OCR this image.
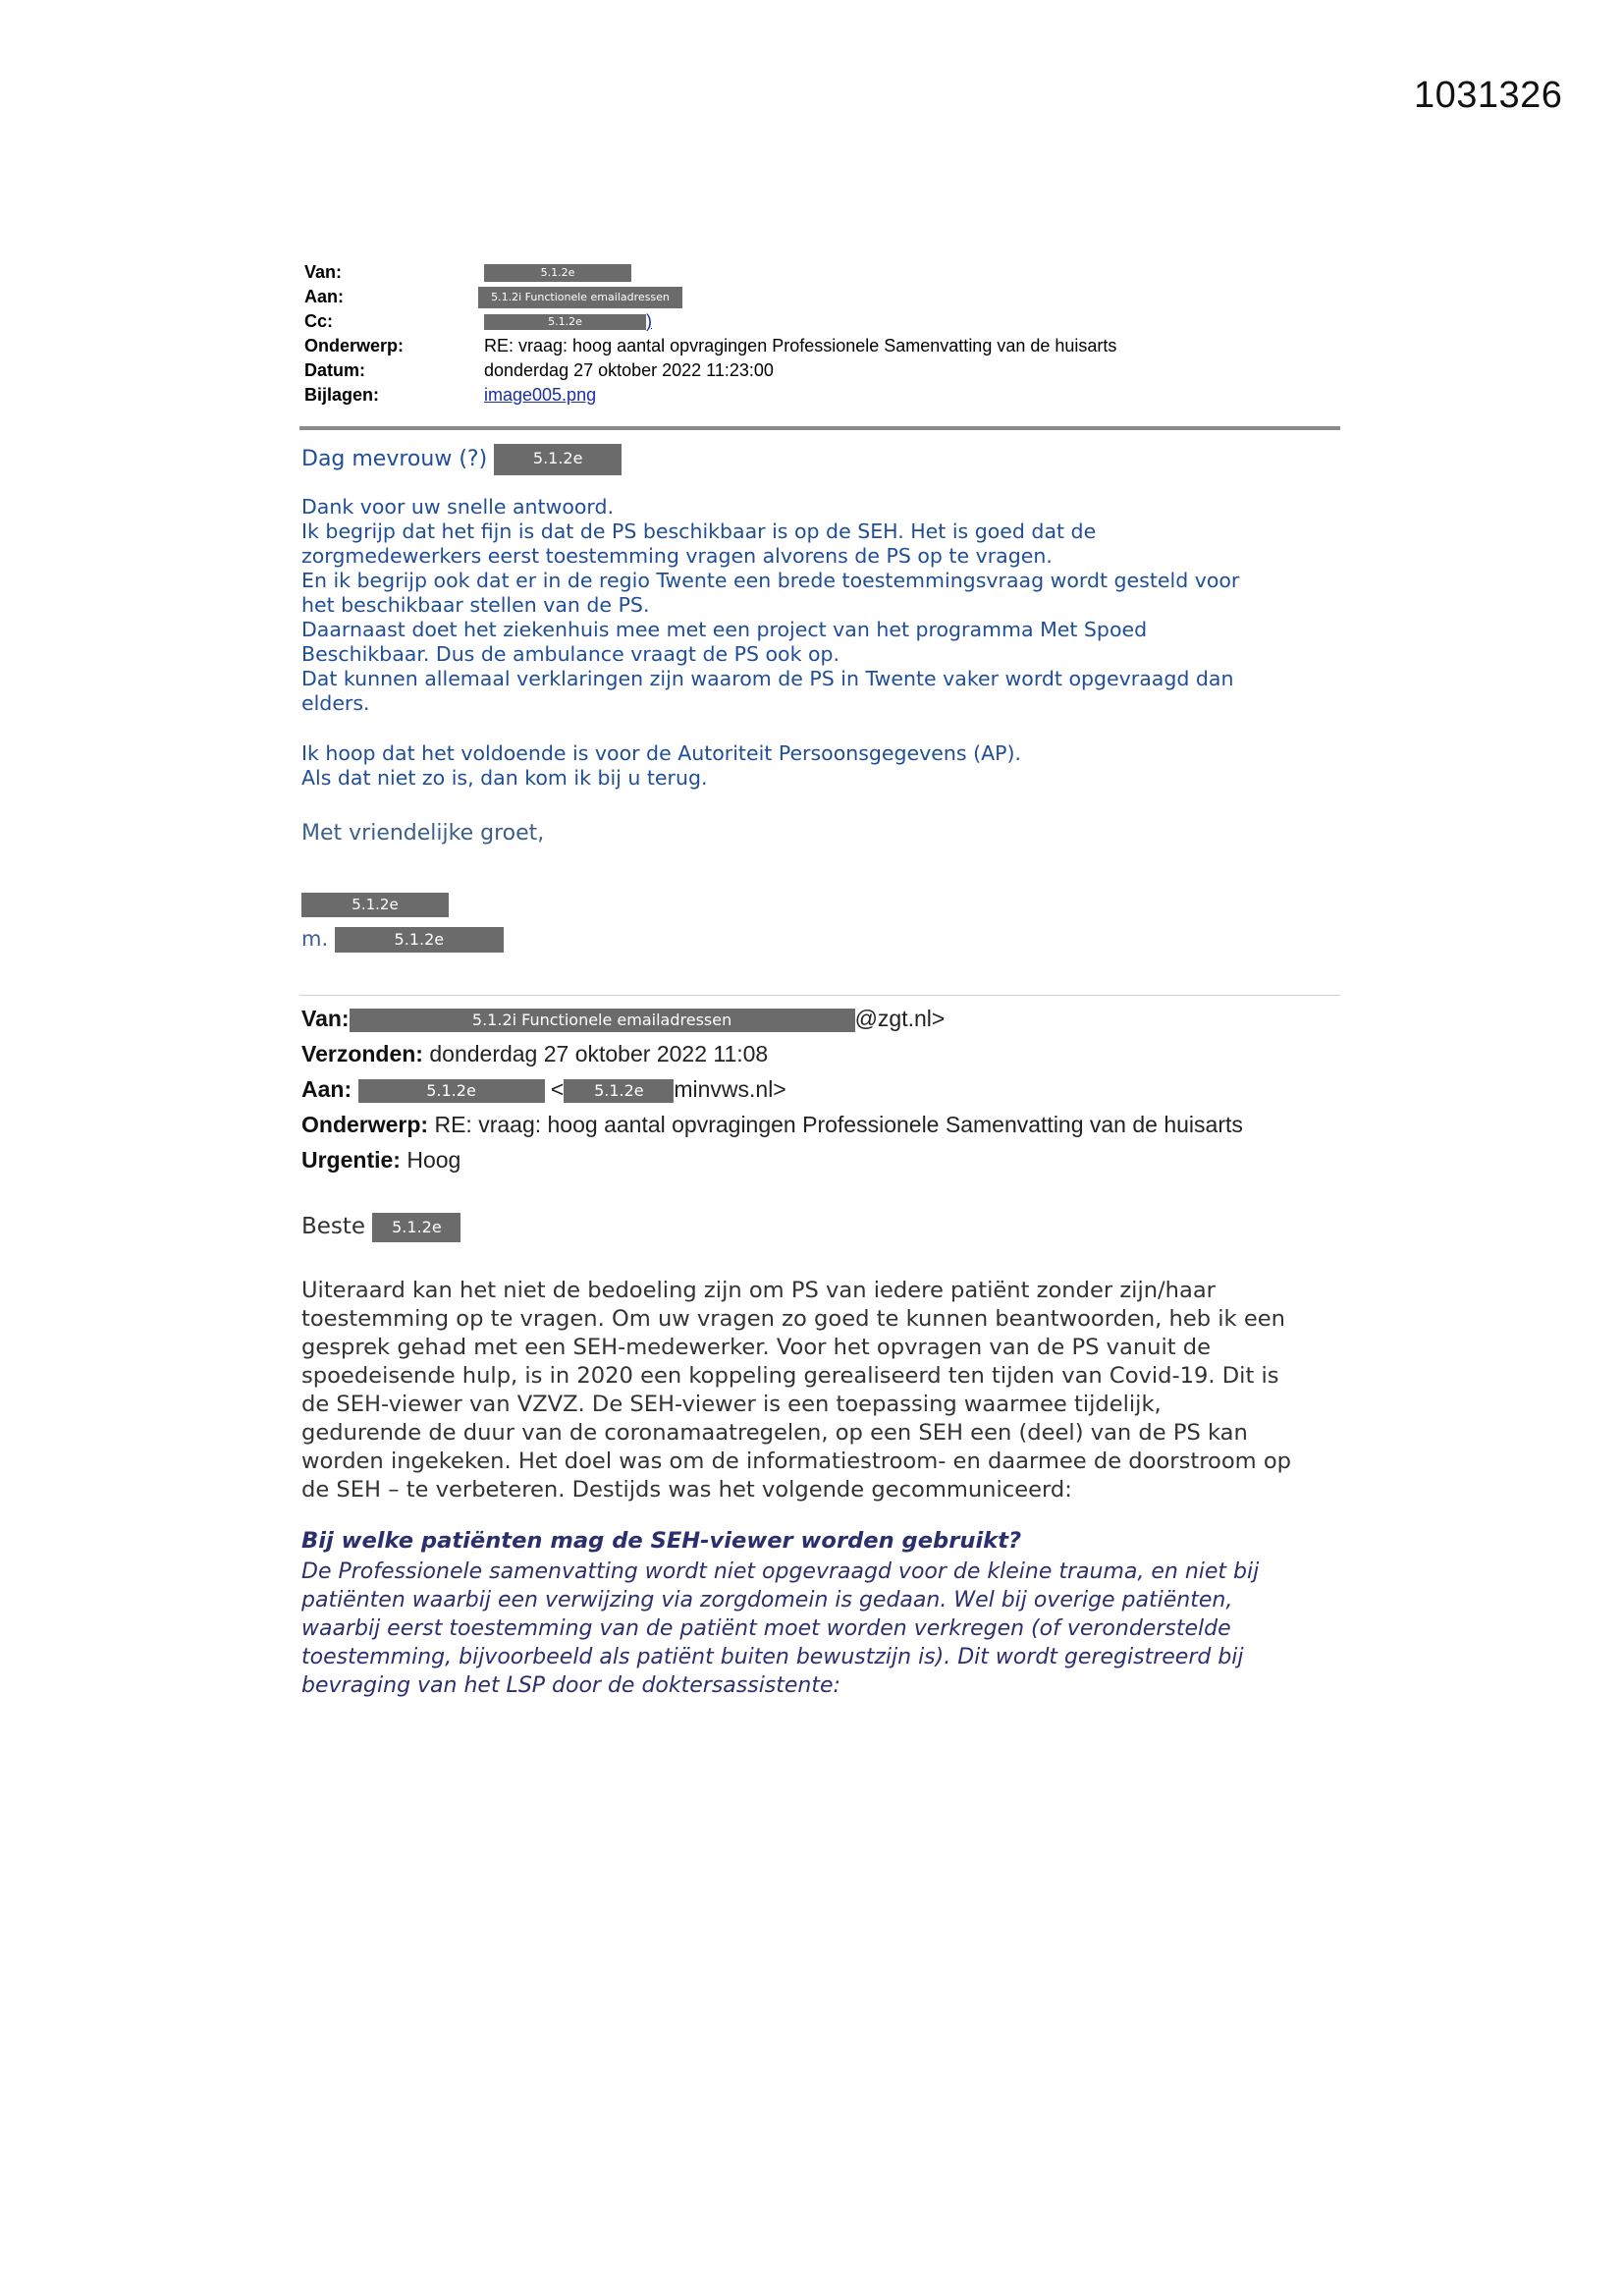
1031326
Van:	5.1.2e
Aan:	5.1.2i Functionele emailadressen
Cc:	5.1.2e	)
Onderwerp:	RE: vraag: hoog aantal opvragingen Professionele Samenvatting van de huisarts
Datum:	donderdag 27 oktober 2022 11:23:00
Bijlagen:	image005.png
Dag mevrouw (?)	5.1.2e
Dank voor uw snelle antwoord.
Ik begrijp dat het fijn is dat de PS beschikbaar is op de SEH. Het is goed dat de
zorgmedewerkers eerst toestemming vragen alvorens de PS op te vragen.
En ik begrijp ook dat er in de regio Twente een brede toestemmingsvraag wordt gesteld voor
het beschikbaar stellen van de PS.
Daarnaast doet het ziekenhuis mee met een project van het programma Met Spoed
Beschikbaar. Dus de ambulance vraagt de PS ook op.
Dat kunnen allemaal verklaringen zijn waarom de PS in Twente vaker wordt opgevraagd dan
elders.
Ik hoop dat het voldoende is voor de Autoriteit Persoonsgegevens (AP).
Als dat niet zo is, dan kom ik bij u terug.
Met vriendelijke groet,
5.1.2e
m.	5.1.2e
Van:	5.1.2i Functionele emailadressen	@zgt.nl>
Verzonden: donderdag 27 oktober 2022 11:08
Aan:	5.1.2e	< 5.1.2e minvws.nl>
Onderwerp: RE: vraag: hoog aantal opvragingen Professionele Samenvatting van de huisarts
Urgentie: Hoog
Beste 5.1.2e
Uiteraard kan het niet de bedoeling zijn om PS van iedere patiënt zonder zijn/haar
toestemming op te vragen. Om uw vragen zo goed te kunnen beantwoorden, heb ik een
gesprek gehad met een SEH-medewerker. Voor het opvragen van de PS vanuit de
spoedeisende hulp, is in 2020 een koppeling gerealiseerd ten tijden van Covid-19. Dit is
de SEH-viewer van VZVZ. De SEH-viewer is een toepassing waarmee tijdelijk,
gedurende de duur van de coronamaatregelen, op een SEH een (deel) van de PS kan
worden ingekeken. Het doel was om de informatiestroom- en daarmee de doorstroom op
de SEH – te verbeteren. Destijds was het volgende gecommuniceerd:
Bij welke patiënten mag de SEH-viewer worden gebruikt?
De Professionele samenvatting wordt niet opgevraagd voor de kleine trauma, en niet bij
patiënten waarbij een verwijzing via zorgdomein is gedaan. Wel bij overige patiënten,
waarbij eerst toestemming van de patiënt moet worden verkregen (of veronderstelde
toestemming, bijvoorbeeld als patiënt buiten bewustzijn is). Dit wordt geregistreerd bij
bevraging van het LSP door de doktersassistente:
